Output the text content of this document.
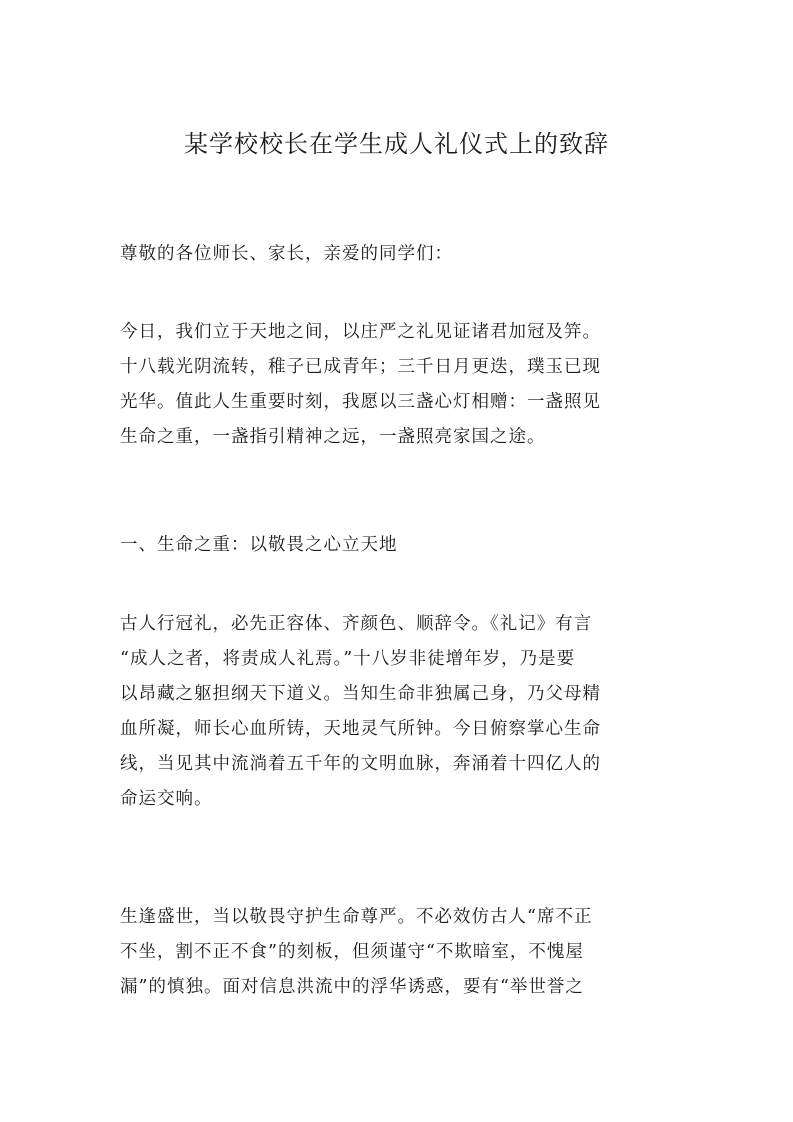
某学校校长在学生成人礼仪式上的致辞
尊敬的各位师长、家长，亲爱的同学们：
今日，我们立于天地之间，以庄严之礼见证诸君加冠及笄。
十八载光阴流转，稚子已成青年；三千日月更迭，璞玉已现
光华。值此人生重要时刻，我愿以三盏心灯相赠：一盏照见
生命之重，一盏指引精神之远，一盏照亮家国之途。
一、生命之重：以敬畏之心立天地
古人行冠礼，必先正容体、齐颜色、顺辞令。《礼记》有言
“成人之者，将责成人礼焉。”十八岁非徒增年岁，乃是要
以昂藏之躯担纲天下道义。当知生命非独属己身，乃父母精
血所凝，师长心血所铸，天地灵气所钟。今日俯察掌心生命
线，当见其中流淌着五千年的文明血脉，奔涌着十四亿人的
命运交响。
生逢盛世，当以敬畏守护生命尊严。不必效仿古人“席不正
不坐，割不正不食”的刻板，但须谨守“不欺暗室，不愧屋
漏”的慎独。面对信息洪流中的浮华诱惑，要有“举世誉之
